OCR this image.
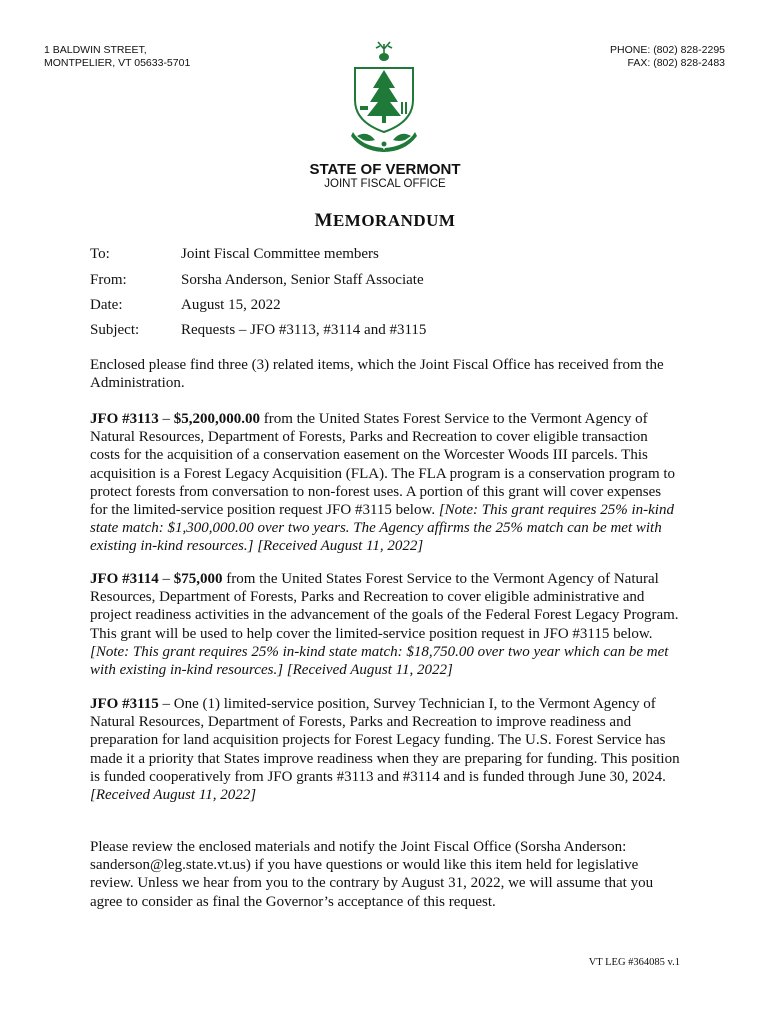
1 BALDWIN STREET,
MONTPELIER, VT 05633-5701
PHONE: (802) 828-2295
FAX: (802) 828-2483
STATE OF VERMONT
JOINT FISCAL OFFICE
MEMORANDUM
To:	Joint Fiscal Committee members
From:	Sorsha Anderson, Senior Staff Associate
Date:	August 15, 2022
Subject:	Requests – JFO #3113, #3114 and #3115

Enclosed please find three (3) related items, which the Joint Fiscal Office has received from the Administration.

JFO #3113 – $5,200,000.00 from the United States Forest Service to the Vermont Agency of Natural Resources, Department of Forests, Parks and Recreation to cover eligible transaction costs for the acquisition of a conservation easement on the Worcester Woods III parcels. This acquisition is a Forest Legacy Acquisition (FLA). The FLA program is a conservation program to protect forests from conversation to non-forest uses. A portion of this grant will cover expenses for the limited-service position request JFO #3115 below. [Note: This grant requires 25% in-kind state match: $1,300,000.00 over two years. The Agency affirms the 25% match can be met with existing in-kind resources.] [Received August 11, 2022]

JFO #3114 – $75,000 from the United States Forest Service to the Vermont Agency of Natural Resources, Department of Forests, Parks and Recreation to cover eligible administrative and project readiness activities in the advancement of the goals of the Federal Forest Legacy Program. This grant will be used to help cover the limited-service position request in JFO #3115 below. [Note: This grant requires 25% in-kind state match: $18,750.00 over two year which can be met with existing in-kind resources.] [Received August 11, 2022]

JFO #3115 – One (1) limited-service position, Survey Technician I, to the Vermont Agency of Natural Resources, Department of Forests, Parks and Recreation to improve readiness and preparation for land acquisition projects for Forest Legacy funding. The U.S. Forest Service has made it a priority that States improve readiness when they are preparing for funding. This position is funded cooperatively from JFO grants #3113 and #3114 and is funded through June 30, 2024. [Received August 11, 2022]

Please review the enclosed materials and notify the Joint Fiscal Office (Sorsha Anderson: sanderson@leg.state.vt.us) if you have questions or would like this item held for legislative review. Unless we hear from you to the contrary by August 31, 2022, we will assume that you agree to consider as final the Governor’s acceptance of this request.

VT LEG #364085 v.1
